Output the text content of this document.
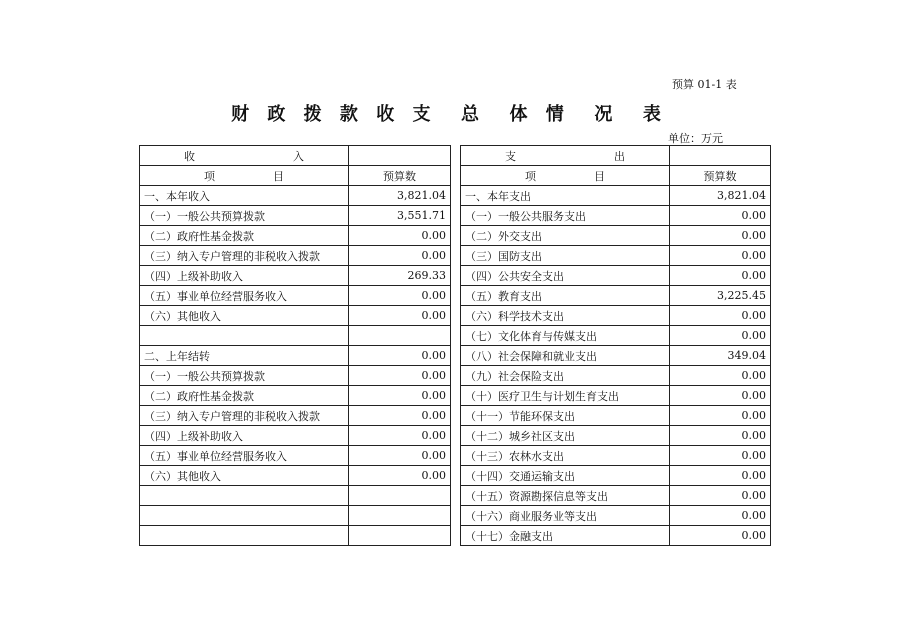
预算 01-1 表
财 政 拨 款 收 支  总  体 情  况  表
单位：万元
收 入			支 出	

项 目	预算数		项 目	预算数
一、本年收入	3,821.04		一、本年支出	3,821.04
（一）一般公共预算拨款	3,551.71		（一）一般公共服务支出	0.00
（二）政府性基金拨款	0.00		（二）外交支出	0.00
（三）纳入专户管理的非税收入拨款	0.00		（三）国防支出	0.00
（四）上级补助收入	269.33		（四）公共安全支出	0.00
（五）事业单位经营服务收入	0.00		（五）教育支出	3,225.45
（六）其他收入	0.00		（六）科学技术支出	0.00
			（七）文化体育与传媒支出	0.00
二、上年结转	0.00		（八）社会保障和就业支出	349.04
（一）一般公共预算拨款	0.00		（九）社会保险支出	0.00
（二）政府性基金拨款	0.00		（十）医疗卫生与计划生育支出	0.00
（三）纳入专户管理的非税收入拨款	0.00		（十一）节能环保支出	0.00
（四）上级补助收入	0.00		（十二）城乡社区支出	0.00
（五）事业单位经营服务收入	0.00		（十三）农林水支出	0.00
（六）其他收入	0.00		（十四）交通运输支出	0.00
			（十五）资源勘探信息等支出	0.00
			（十六）商业服务业等支出	0.00
			（十七）金融支出	0.00
